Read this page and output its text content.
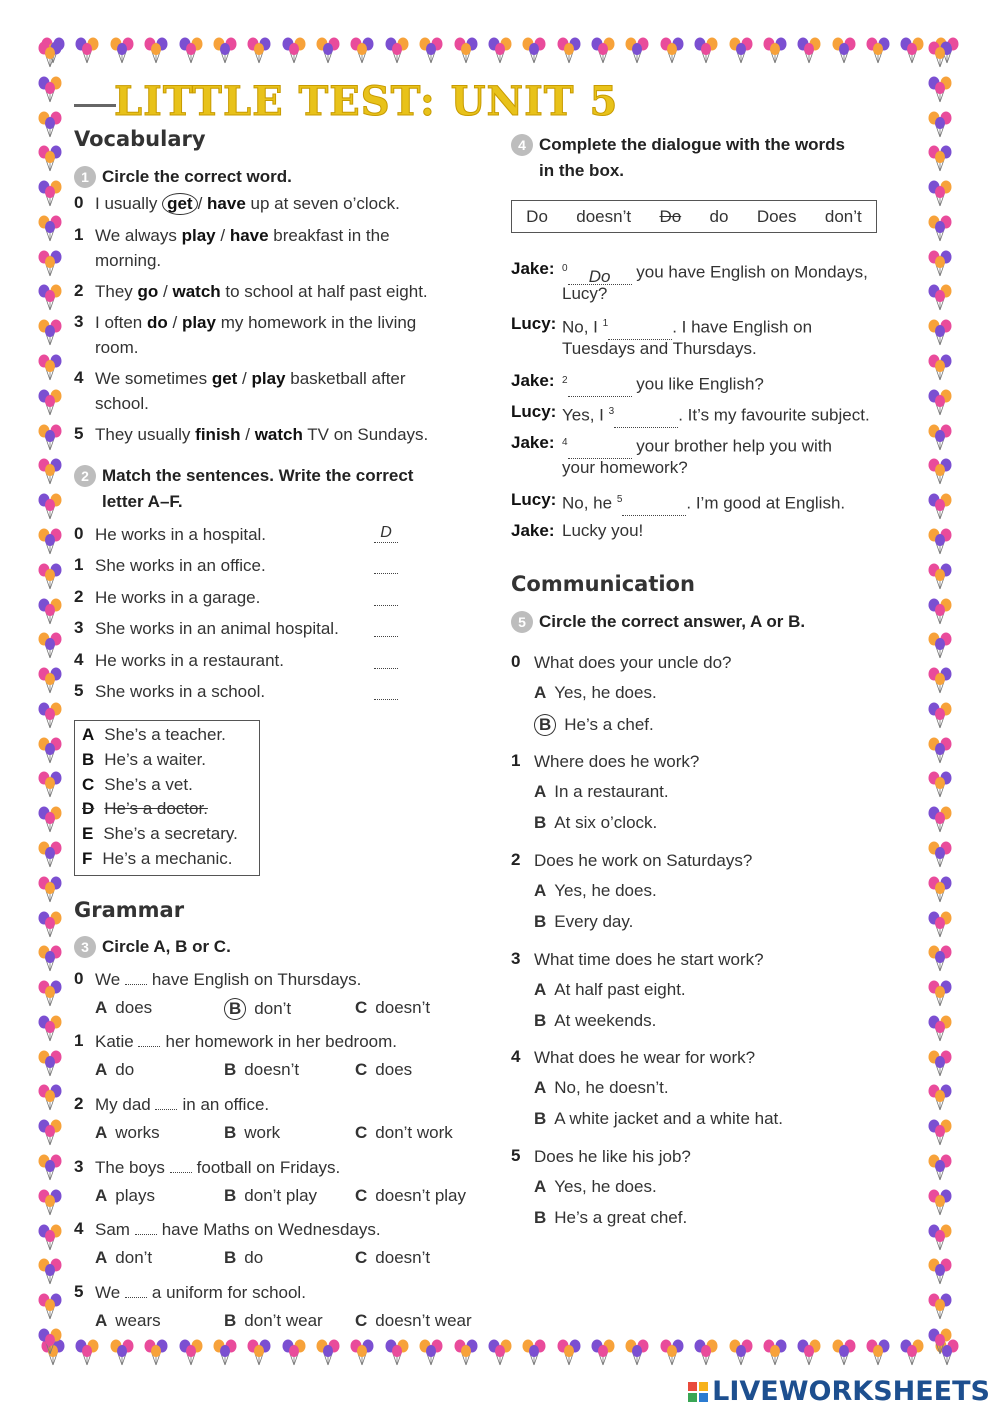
LITTLE TEST: UNIT 5
Vocabulary
1 Circle the correct word.
0 I usually get / have up at seven o’clock.
1 We always play / have breakfast in the
morning.
2 They go / watch to school at half past eight.
3 I often do / play my homework in the living
room.
4 We sometimes get / play basketball after
school.
5 They usually finish / watch TV on Sundays.
2 Match the sentences. Write the correct
letter A–F.
0 He works in a hospital.	D
1 She works in an office.
2 He works in a garage.
3 She works in an animal hospital.
4 He works in a restaurant.
5 She works in a school.
A She’s a teacher.
B He’s a waiter.
C She’s a vet.
D He’s a doctor.
E She’s a secretary.
F He’s a mechanic.
Grammar
3 Circle A, B or C.
0 We have English on Thursdays.
A does	B don’t	C doesn’t
1 Katie her homework in her bedroom.
A do	B doesn’t	C does
2 My dad in an office.
A works	B work	C don’t work
3 The boys football on Fridays.
A plays	B don’t play C doesn’t play
4 Sam have Maths on Wednesdays.
A don’t	B do	C doesn’t
5 We a uniform for school.
A wears	B don’t wear C doesn’t wear
4 Complete the dialogue with the words
in the box.
Do doesn’t Do do Does don’t
Jake: $^0$ Do you have English on Mondays,
Lucy?
Lucy: No, I $^1$	. I have English on
Tuesdays and Thursdays.
Jake: $^2$	you like English?
Lucy: Yes, I $^3$	. It’s my favourite subject.
Jake: $^4$	your brother help you with
your homework?
Lucy: No, he $^5$	. I’m good at English.
Jake: Lucky you!
Communication
5 Circle the correct answer, A or B.
0 What does your uncle do?
A Yes, he does.
B He’s a chef.
1 Where does he work?
A In a restaurant.
B At six o’clock.
2 Does he work on Saturdays?
A Yes, he does.
B Every day.
3 What time does he start work?
A At half past eight.
B At weekends.
4 What does he wear for work?
A No, he doesn’t.
B A white jacket and a white hat.
5 Does he like his job?
A Yes, he does.
B He’s a great chef.
LIVEWORKSHEETS
